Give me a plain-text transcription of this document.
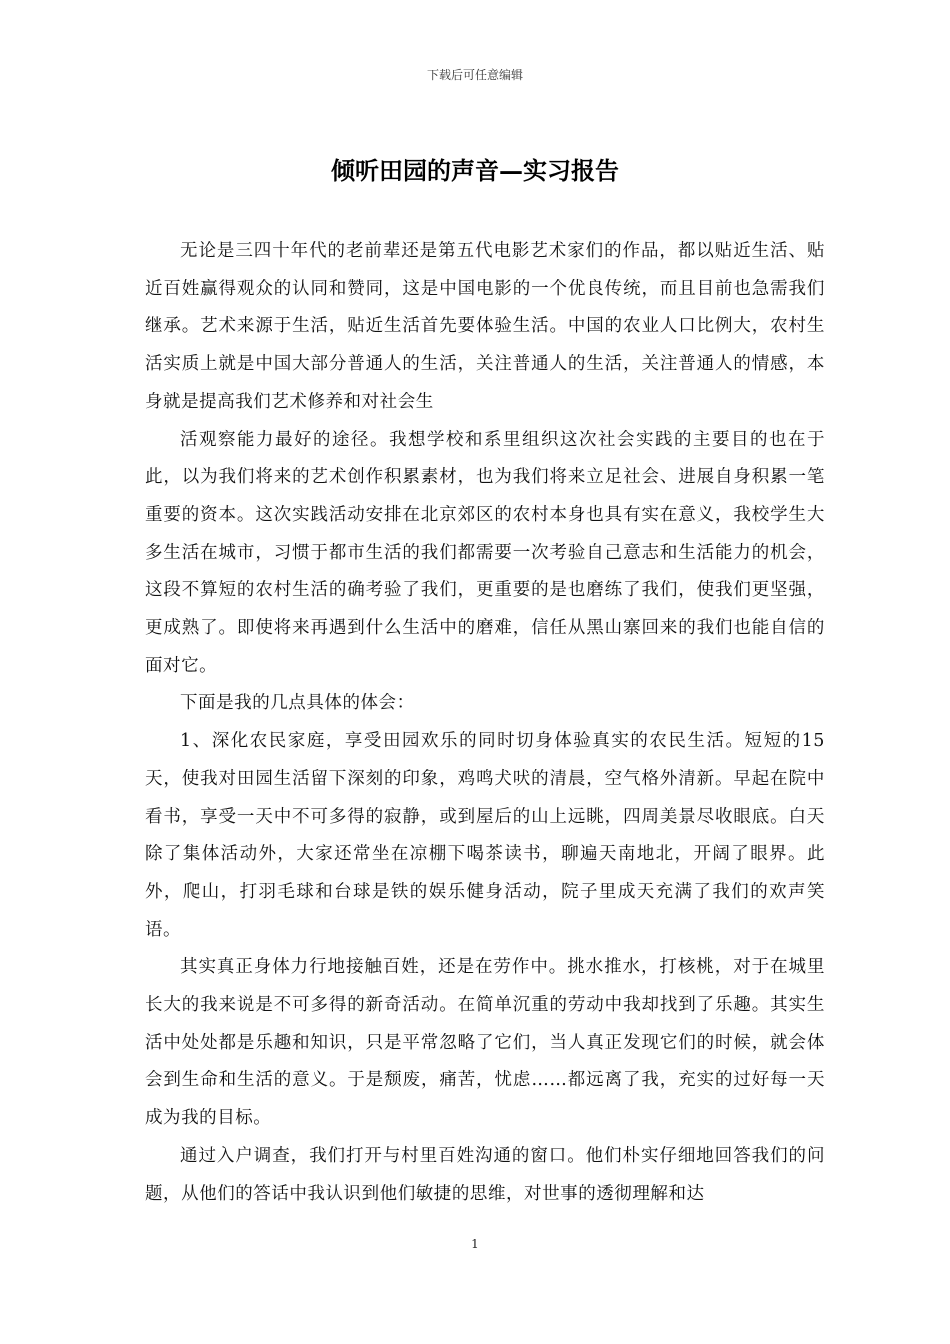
下载后可任意编辑
倾听田园的声音—实习报告

无论是三四十年代的老前辈还是第五代电影艺术家们的作品，都以贴近生活、贴近百姓赢得观众的认同和赞同，这是中国电影的一个优良传统，而且目前也急需我们继承。艺术来源于生活，贴近生活首先要体验生活。中国的农业人口比例大，农村生活实质上就是中国大部分普通人的生活，关注普通人的生活，关注普通人的情感，本身就是提高我们艺术修养和对社会生

活观察能力最好的途径。我想学校和系里组织这次社会实践的主要目的也在于此，以为我们将来的艺术创作积累素材，也为我们将来立足社会、进展自身积累一笔重要的资本。这次实践活动安排在北京郊区的农村本身也具有实在意义，我校学生大多生活在城市，习惯于都市生活的我们都需要一次考验自己意志和生活能力的机会，这段不算短的农村生活的确考验了我们，更重要的是也磨练了我们，使我们更坚强，更成熟了。即使将来再遇到什么生活中的磨难，信任从黑山寨回来的我们也能自信的面对它。

下面是我的几点具体的体会：

1、深化农民家庭，享受田园欢乐的同时切身体验真实的农民生活。短短的15天，使我对田园生活留下深刻的印象，鸡鸣犬吠的清晨，空气格外清新。早起在院中看书，享受一天中不可多得的寂静，或到屋后的山上远眺，四周美景尽收眼底。白天除了集体活动外，大家还常坐在凉棚下喝茶读书，聊遍天南地北，开阔了眼界。此外，爬山，打羽毛球和台球是铁的娱乐健身活动，院子里成天充满了我们的欢声笑语。

其实真正身体力行地接触百姓，还是在劳作中。挑水推水，打核桃，对于在城里长大的我来说是不可多得的新奇活动。在简单沉重的劳动中我却找到了乐趣。其实生活中处处都是乐趣和知识，只是平常忽略了它们，当人真正发现它们的时候，就会体会到生命和生活的意义。于是颓废，痛苦，忧虑……都远离了我，充实的过好每一天成为我的目标。

通过入户调查，我们打开与村里百姓沟通的窗口。他们朴实仔细地回答我们的问题，从他们的答话中我认识到他们敏捷的思维，对世事的透彻理解和达

1
